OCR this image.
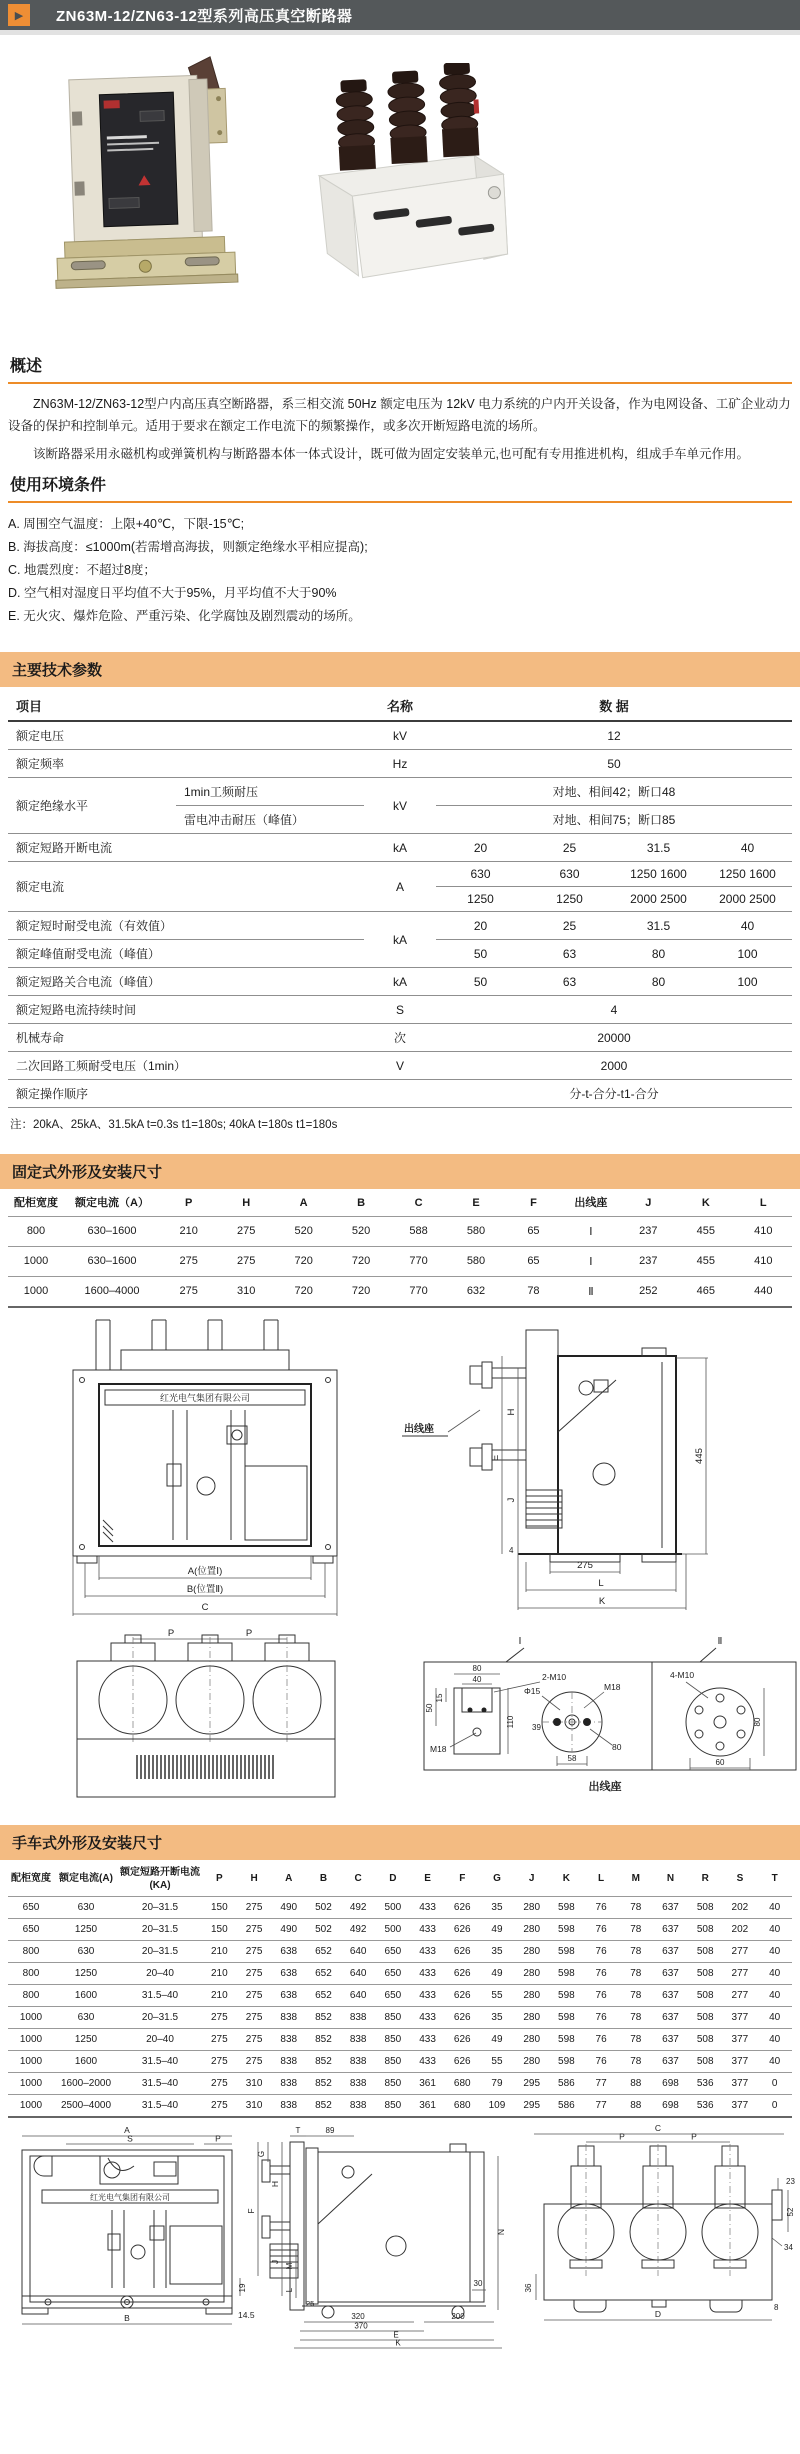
▶	ZN63M-12/ZN63-12型系列高压真空断路器

概述

ZN63M-12/ZN63-12型户内高压真空断路器，系三相交流 50Hz 额定电压为 12kV 电力系统的户内开关设备，作为电网设备、工矿企业动力设备的保护和控制单元。适用于要求在额定工作电流下的频繁操作，或多次开断短路电流的场所。

该断路器采用永磁机构或弹簧机构与断路器本体一体式设计，既可做为固定安装单元,也可配有专用推进机构，组成手车单元作用。

使用环境条件
A. 周围空气温度：上限+40℃，下限-15℃;
B. 海拔高度：≤1000m(若需增高海拔，则额定绝缘水平相应提高);
C. 地震烈度：不超过8度；
D. 空气相对湿度日平均值不大于95%，月平均值不大于90%
E. 无火灾、爆炸危险、严重污染、化学腐蚀及剧烈震动的场所。
主要技术参数
项目		名称	数 据			
额定电压		kV	12			
额定频率		Hz	50			
额定绝缘水平	1min工频耐压	kV	对地、相间42；断口48			
	雷电冲击耐压（峰值）		对地、相间75；断口85			
额定短路开断电流		kA	20	25	31.5	40
额定电流		A	630	630	1250 1600	1250 1600
			1250	1250	2000 2500	2000 2500
额定短时耐受电流（有效值）		kA	20	25	31.5	40
额定峰值耐受电流（峰值）			50	63	80	100
额定短路关合电流（峰值）		kA	50	63	80	100
额定短路电流持续时间		S	4			
机械寿命		次	20000			
二次回路工频耐受电压（1min）		V	2000			
额定操作顺序			分-t-合分-t1-合分			
注：20kA、25kA、31.5kA t=0.3s t1=180s; 40kA t=180s t1=180s
固定式外形及安装尺寸
配柜宽度	额定电流（A）	P	H	A	B	C	E	F	出线座	J	K	L
800	630–1600	210	275	520	520	588	580	65	Ⅰ	237	455	410
1000	630–1600	275	275	720	720	770	580	65	Ⅰ	237	455	410
1000	1600–4000	275	310	720	720	770	632	78	Ⅱ	252	465	440
红光电气集团有限公司
A(位置Ⅰ)
B(位置Ⅱ)
C
出线座
E
H
J
4
445
275
L
K
P	P
Ⅰ	Ⅱ
80
40
15
50
110
2-M10
M18
Φ15	M18
39
58
80
4-M10
80
60
出线座
手车式外形及安装尺寸
配柜宽度	额定电流(A)	额定短路开断电流(KA)	P	H	A	B	C	D	E	F	G	J	K	L	M	N	R	S	T
650	630	20–31.5	150	275	490	502	492	500	433	626	35	280	598	76	78	637	508	202	40
650	1250	20–31.5	150	275	490	502	492	500	433	626	49	280	598	76	78	637	508	202	40
800	630	20–31.5	210	275	638	652	640	650	433	626	35	280	598	76	78	637	508	277	40
800	1250	20–40	210	275	638	652	640	650	433	626	49	280	598	76	78	637	508	277	40
800	1600	31.5–40	210	275	638	652	640	650	433	626	55	280	598	76	78	637	508	277	40
1000	630	20–31.5	275	275	838	852	838	850	433	626	35	280	598	76	78	637	508	377	40
1000	1250	20–40	275	275	838	852	838	850	433	626	49	280	598	76	78	637	508	377	40
1000	1600	31.5–40	275	275	838	852	838	850	433	626	55	280	598	76	78	637	508	377	40
1000	1600–2000	31.5–40	275	310	838	852	838	850	361	680	79	295	586	77	88	698	536	377	0
1000	2500–4000	31.5–40	275	310	838	852	838	850	361	680	109	295	586	77	88	698	536	377	0
A
S	P
红光电气集团有限公司
19
14.5
B
T	89
G
H
F
J
M
L
25
N
30
320
370
200
E
K
C
P	P
23
52
34
36
8
D
